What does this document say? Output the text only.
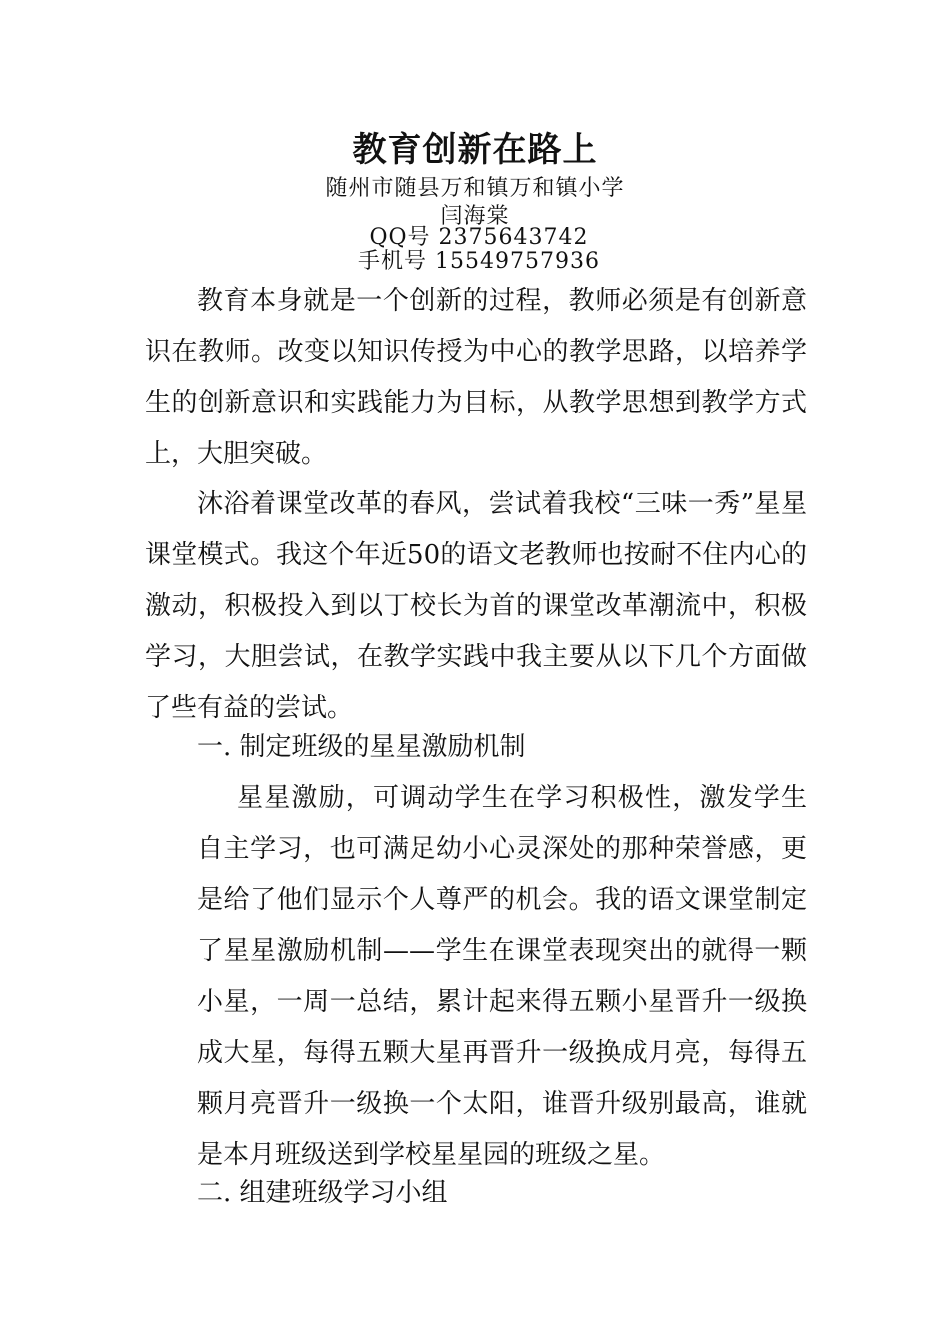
教育创新在路上
随州市随县万和镇万和镇小学
闫海棠
QQ号 2375643742
手机号 15549757936
教育本身就是一个创新的过程，教师必须是有创新意识在教师。改变以知识传授为中心的教学思路，以培养学生的创新意识和实践能力为目标，从教学思想到教学方式上，大胆突破。
沐浴着课堂改革的春风，尝试着我校“三味一秀”星星课堂模式。我这个年近50的语文老教师也按耐不住内心的激动，积极投入到以丁校长为首的课堂改革潮流中，积极学习，大胆尝试，在教学实践中我主要从以下几个方面做了些有益的尝试。
一. 制定班级的星星激励机制
星星激励，可调动学生在学习积极性，激发学生自主学习，也可满足幼小心灵深处的那种荣誉感，更是给了他们显示个人尊严的机会。我的语文课堂制定了星星激励机制——学生在课堂表现突出的就得一颗小星，一周一总结，累计起来得五颗小星晋升一级换成大星，每得五颗大星再晋升一级换成月亮，每得五颗月亮晋升一级换一个太阳，谁晋升级别最高，谁就是本月班级送到学校星星园的班级之星。
二. 组建班级学习小组
